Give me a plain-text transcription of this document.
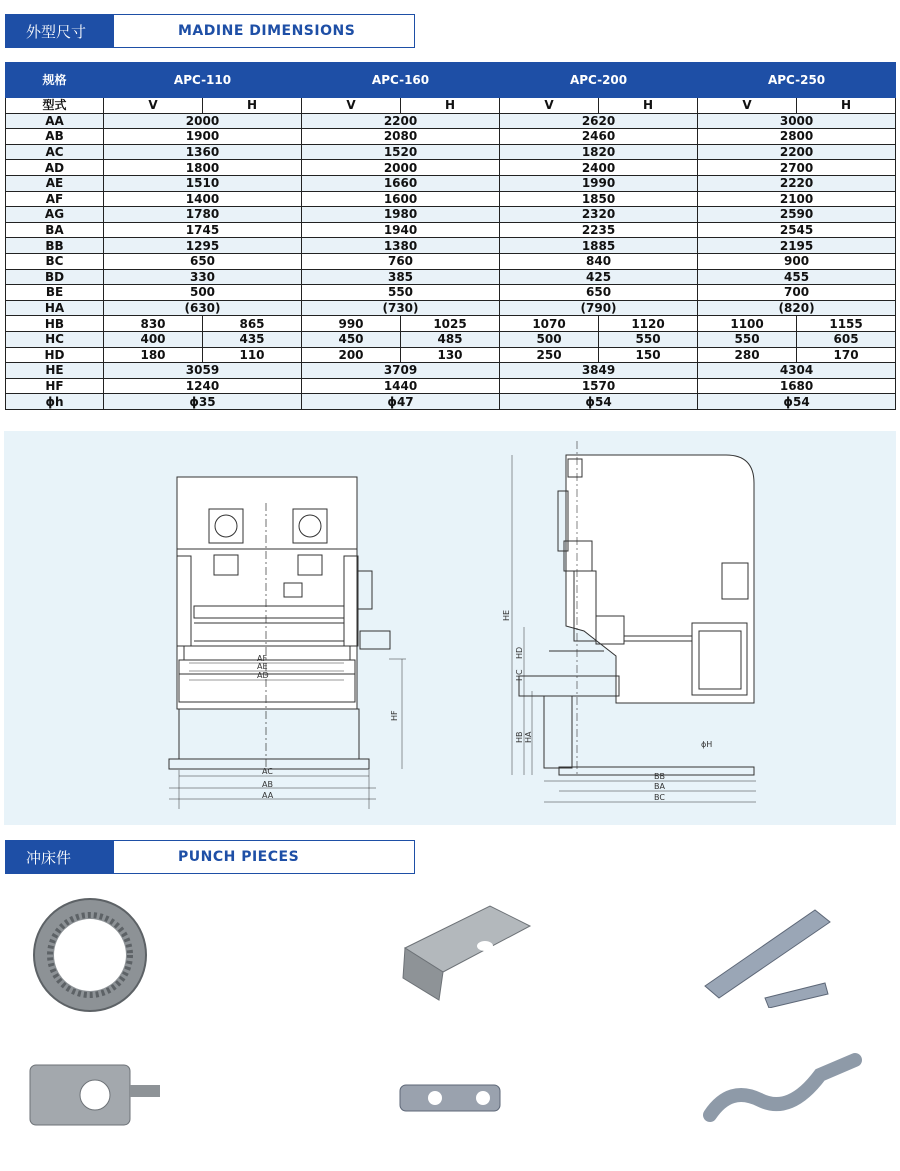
外型尺寸	MADINE DIMENSIONS
规格	APC-110		APC-160		APC-200		APC-250	
型式	V	H	V	H	V	H	V	H
AA	2000		2200		2620		3000	
AB	1900		2080		2460		2800	
AC	1360		1520		1820		2200	
AD	1800		2000		2400		2700	
AE	1510		1660		1990		2220	
AF	1400		1600		1850		2100	
AG	1780		1980		2320		2590	
BA	1745		1940		2235		2545	
BB	1295		1380		1885		2195	
BC	650		760		840		900	
BD	330		385		425		455	
BE	500		550		650		700	
HA	(630)		(730)		(790)		(820)	
HB	830	865	990	1025	1070	1120	1100	1155
HC	400	435	450	485	500	550	550	605
HD	180	110	200	130	250	150	280	170
HE	3059		3709		3849		4304	
HF	1240		1440		1570		1680	
ϕh	ϕ35		ϕ47		ϕ54		ϕ54	
AF
AE
AD
AC
AB
AA
HF
HE
HD
HC
HB HA
BB
BA
BC
ϕH
冲床件	PUNCH PIECES
